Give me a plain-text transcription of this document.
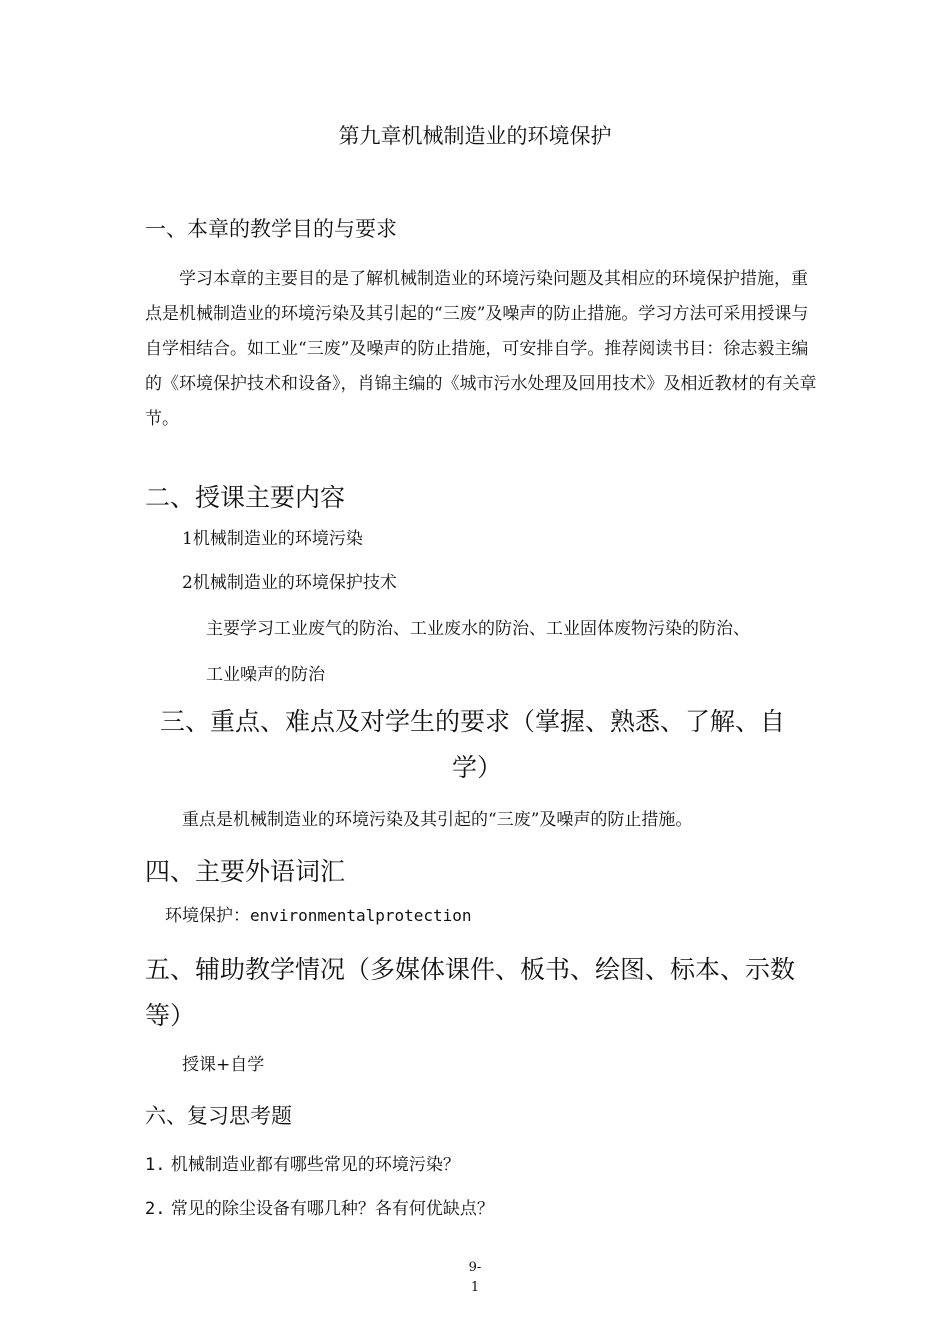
第九章机械制造业的环境保护
一、本章的教学目的与要求

学习本章的主要目的是了解机械制造业的环境污染问题及其相应的环境保护措施，重点是机械制造业的环境污染及其引起的“三废”及噪声的防止措施。学习方法可采用授课与自学相结合。如工业“三废”及噪声的防止措施，可安排自学。推荐阅读书目：徐志毅主编的《环境保护技术和设备》，肖锦主编的《城市污水处理及回用技术》及相近教材的有关章节。

二、授课主要内容
1机械制造业的环境污染
2机械制造业的环境保护技术
主要学习工业废气的防治、工业废水的防治、工业固体废物污染的防治、
工业噪声的防治
三、重点、难点及对学生的要求（掌握、熟悉、了解、自
学）
重点是机械制造业的环境污染及其引起的“三废”及噪声的防止措施。
四、主要外语词汇
环境保护：environmentalprotection
五、辅助教学情况（多媒体课件、板书、绘图、标本、示数
等）
授课+自学
六、复习思考题
1. 机械制造业都有哪些常见的环境污染？
2. 常见的除尘设备有哪几种？各有何优缺点？
9-
1
